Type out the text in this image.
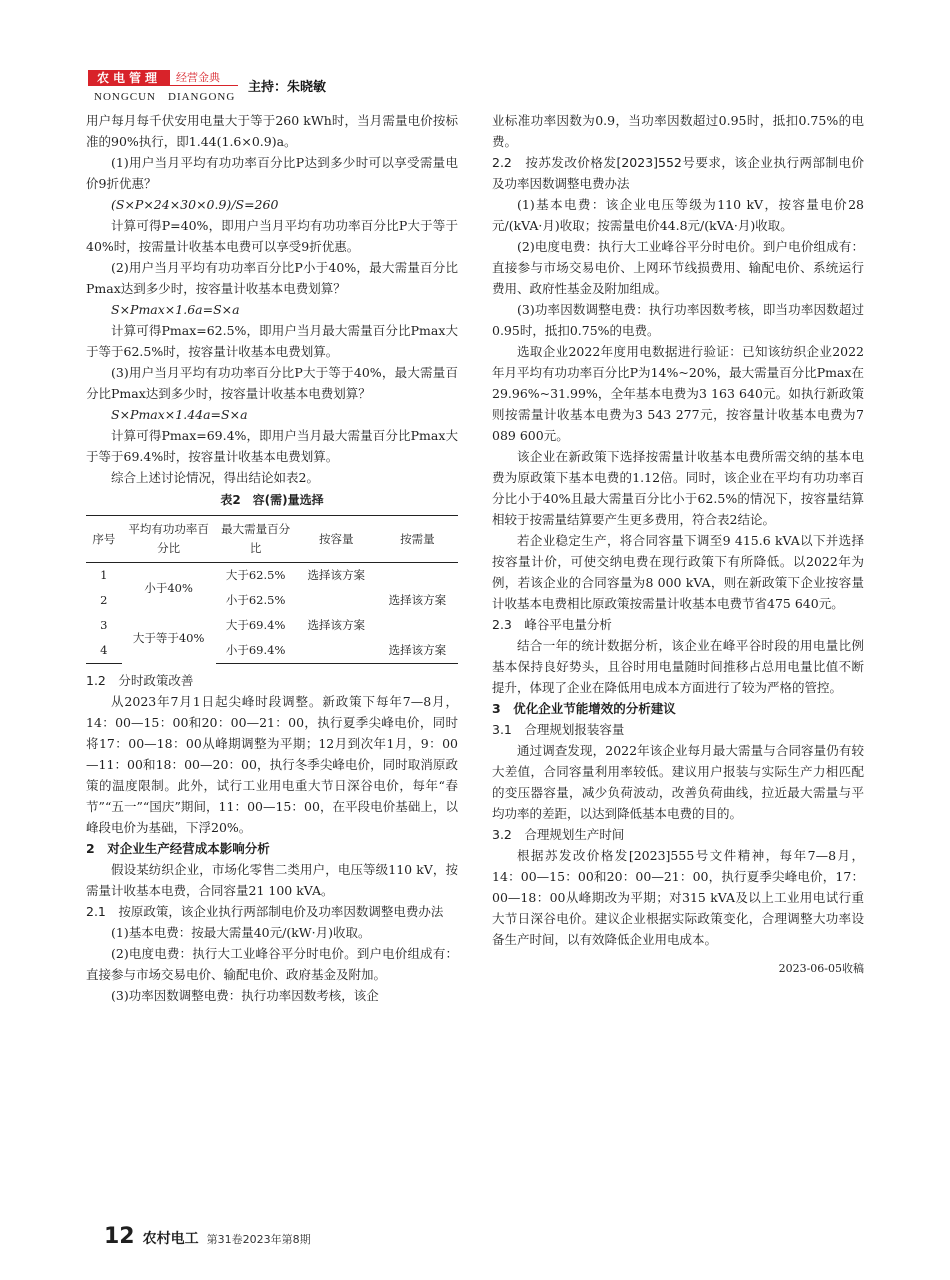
农电管理	经营金典
NONGCUN　DIANGONG
主持：朱晓敏

用户每月每千伏安用电量大于等于260 kWh时，当月需量电价按标准的90%执行，即1.44(1.6×0.9)a。

(1)用户当月平均有功功率百分比P达到多少时可以享受需量电价9折优惠？

(S×P×24×30×0.9)/S=260

计算可得P=40%，即用户当月平均有功功率百分比P大于等于40%时，按需量计收基本电费可以享受9折优惠。

(2)用户当月平均有功功率百分比P小于40%，最大需量百分比Pmax达到多少时，按容量计收基本电费划算？

S×Pmax×1.6a=S×a

计算可得Pmax=62.5%，即用户当月最大需量百分比Pmax大于等于62.5%时，按容量计收基本电费划算。

(3)用户当月平均有功功率百分比P大于等于40%，最大需量百分比Pmax达到多少时，按容量计收基本电费划算？

S×Pmax×1.44a=S×a

计算可得Pmax=69.4%，即用户当月最大需量百分比Pmax大于等于69.4%时，按容量计收基本电费划算。

综合上述讨论情况，得出结论如表2。

表2　容(需)量选择
序号	平均有功功率百分比	最大需量百分比	按容量	按需量
1	小于40%	大于62.5%	选择该方案	
2		小于62.5%		选择该方案
3	大于等于40%	大于69.4%	选择该方案	
4		小于69.4%		选择该方案

1.2　分时政策改善

从2023年7月1日起尖峰时段调整。新政策下每年7—8月，14：00—15：00和20：00—21：00，执行夏季尖峰电价，同时将17：00—18：00从峰期调整为平期；12月到次年1月，9：00—11：00和18：00—20：00，执行冬季尖峰电价，同时取消原政策的温度限制。此外，试行工业用电重大节日深谷电价，每年“春节”“五一”“国庆”期间，11：00—15：00，在平段电价基础上，以峰段电价为基础，下浮20%。

2　对企业生产经营成本影响分析

假设某纺织企业，市场化零售二类用户，电压等级110 kV，按需量计收基本电费，合同容量21 100 kVA。

2.1　按原政策，该企业执行两部制电价及功率因数调整电费办法

(1)基本电费：按最大需量40元/(kW·月)收取。

(2)电度电费：执行大工业峰谷平分时电价。到户电价组成有：直接参与市场交易电价、输配电价、政府基金及附加。

(3)功率因数调整电费：执行功率因数考核，该企

业标准功率因数为0.9，当功率因数超过0.95时，抵扣0.75%的电费。

2.2　按苏发改价格发[2023]552号要求，该企业执行两部制电价及功率因数调整电费办法

(1)基本电费：该企业电压等级为110 kV，按容量电价28元/(kVA·月)收取；按需量电价44.8元/(kVA·月)收取。

(2)电度电费：执行大工业峰谷平分时电价。到户电价组成有：直接参与市场交易电价、上网环节线损费用、输配电价、系统运行费用、政府性基金及附加组成。

(3)功率因数调整电费：执行功率因数考核，即当功率因数超过0.95时，抵扣0.75%的电费。

选取企业2022年度用电数据进行验证：已知该纺织企业2022年月平均有功功率百分比P为14%~20%，最大需量百分比Pmax在29.96%~31.99%，全年基本电费为3 163 640元。如执行新政策则按需量计收基本电费为3 543 277元，按容量计收基本电费为7 089 600元。

该企业在新政策下选择按需量计收基本电费所需交纳的基本电费为原政策下基本电费的1.12倍。同时，该企业在平均有功功率百分比小于40%且最大需量百分比小于62.5%的情况下，按容量结算相较于按需量结算要产生更多费用，符合表2结论。

若企业稳定生产，将合同容量下调至9 415.6 kVA以下并选择按容量计价，可使交纳电费在现行政策下有所降低。以2022年为例，若该企业的合同容量为8 000 kVA，则在新政策下企业按容量计收基本电费相比原政策按需量计收基本电费节省475 640元。

2.3　峰谷平电量分析

结合一年的统计数据分析，该企业在峰平谷时段的用电量比例基本保持良好势头，且谷时用电量随时间推移占总用电量比值不断提升，体现了企业在降低用电成本方面进行了较为严格的管控。

3　优化企业节能增效的分析建议

3.1　合理规划报装容量

通过调查发现，2022年该企业每月最大需量与合同容量仍有较大差值，合同容量利用率较低。建议用户报装与实际生产力相匹配的变压器容量，减少负荷波动，改善负荷曲线，拉近最大需量与平均功率的差距，以达到降低基本电费的目的。

3.2　合理规划生产时间

根据苏发改价格发[2023]555号文件精神，每年7—8月，14：00—15：00和20：00—21：00，执行夏季尖峰电价，17：00—18：00从峰期改为平期；对315 kVA及以上工业用电试行重大节日深谷电价。建议企业根据实际政策变化，合理调整大功率设备生产时间，以有效降低企业用电成本。

2023-06-05收稿
12 农村电工 第31卷2023年第8期
